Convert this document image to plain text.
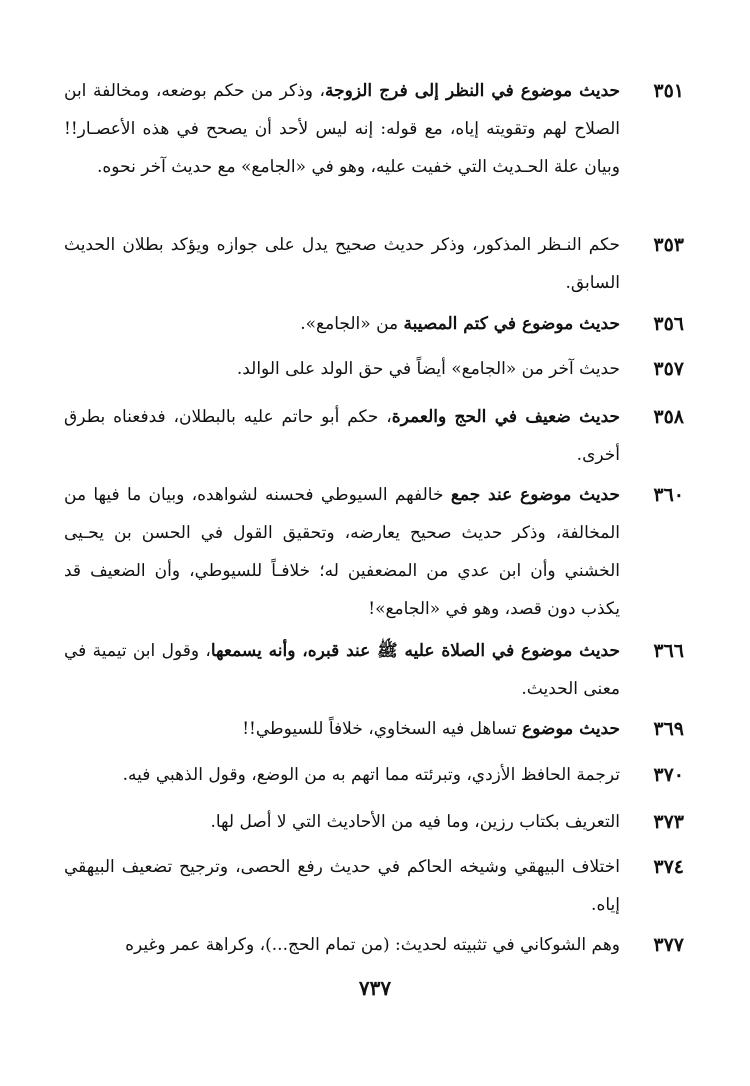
٣٥١
حديث موضوع في النظر إلى فرج الزوجة، وذكر من حكم بوضعه، ومخالفة ابن الصلاح لهم وتقويته إياه، مع قوله: إنه ليس لأحد أن يصحح في هذه الأعصـار!! وبيان علة الحـديث التي خفيت عليه، وهو في «الجامع» مع حديث آخر نحوه.
٣٥٣
حكم النـظر المذكور، وذكر حديث صحيح يدل على جوازه ويؤكد بطلان الحديث السابق.
٣٥٦
حديث موضوع في كتم المصيبة من «الجامع».
٣٥٧
حديث آخر من «الجامع» أيضاً في حق الولد على الوالد.
٣٥٨
حديث ضعيف في الحج والعمرة، حكم أبو حاتم عليه بالبطلان، فدفعناه بطرق أخرى.
٣٦٠
حديث موضوع عند جمع خالفهم السيوطي فحسنه لشواهده، وبيان ما فيها من المخالفة، وذكر حديث صحيح يعارضه، وتحقيق القول في الحسن بن يحـيى الخشني وأن ابن عدي من المضعفين له؛ خلافـاً للسيوطي، وأن الضعيف قد يكذب دون قصد، وهو في «الجامع»!
٣٦٦
حديث موضوع في الصلاة عليه ﷺ عند قبره، وأنه يسمعها، وقول ابن تيمية في معنى الحديث.
٣٦٩
حديث موضوع تساهل فيه السخاوي، خلافاً للسيوطي!!
٣٧٠
ترجمة الحافظ الأزدي، وتبرئته مما اتهم به من الوضع، وقول الذهبي فيه.
٣٧٣
التعريف بكتاب رزين، وما فيه من الأحاديث التي لا أصل لها.
٣٧٤
اختلاف البيهقي وشيخه الحاكم في حديث رفع الحصى، وترجيح تضعيف البيهقي إياه.
٣٧٧
وهم الشوكاني في تثبيته لحديث: (من تمام الحج...)، وكراهة عمر وغيره
٧٣٧
